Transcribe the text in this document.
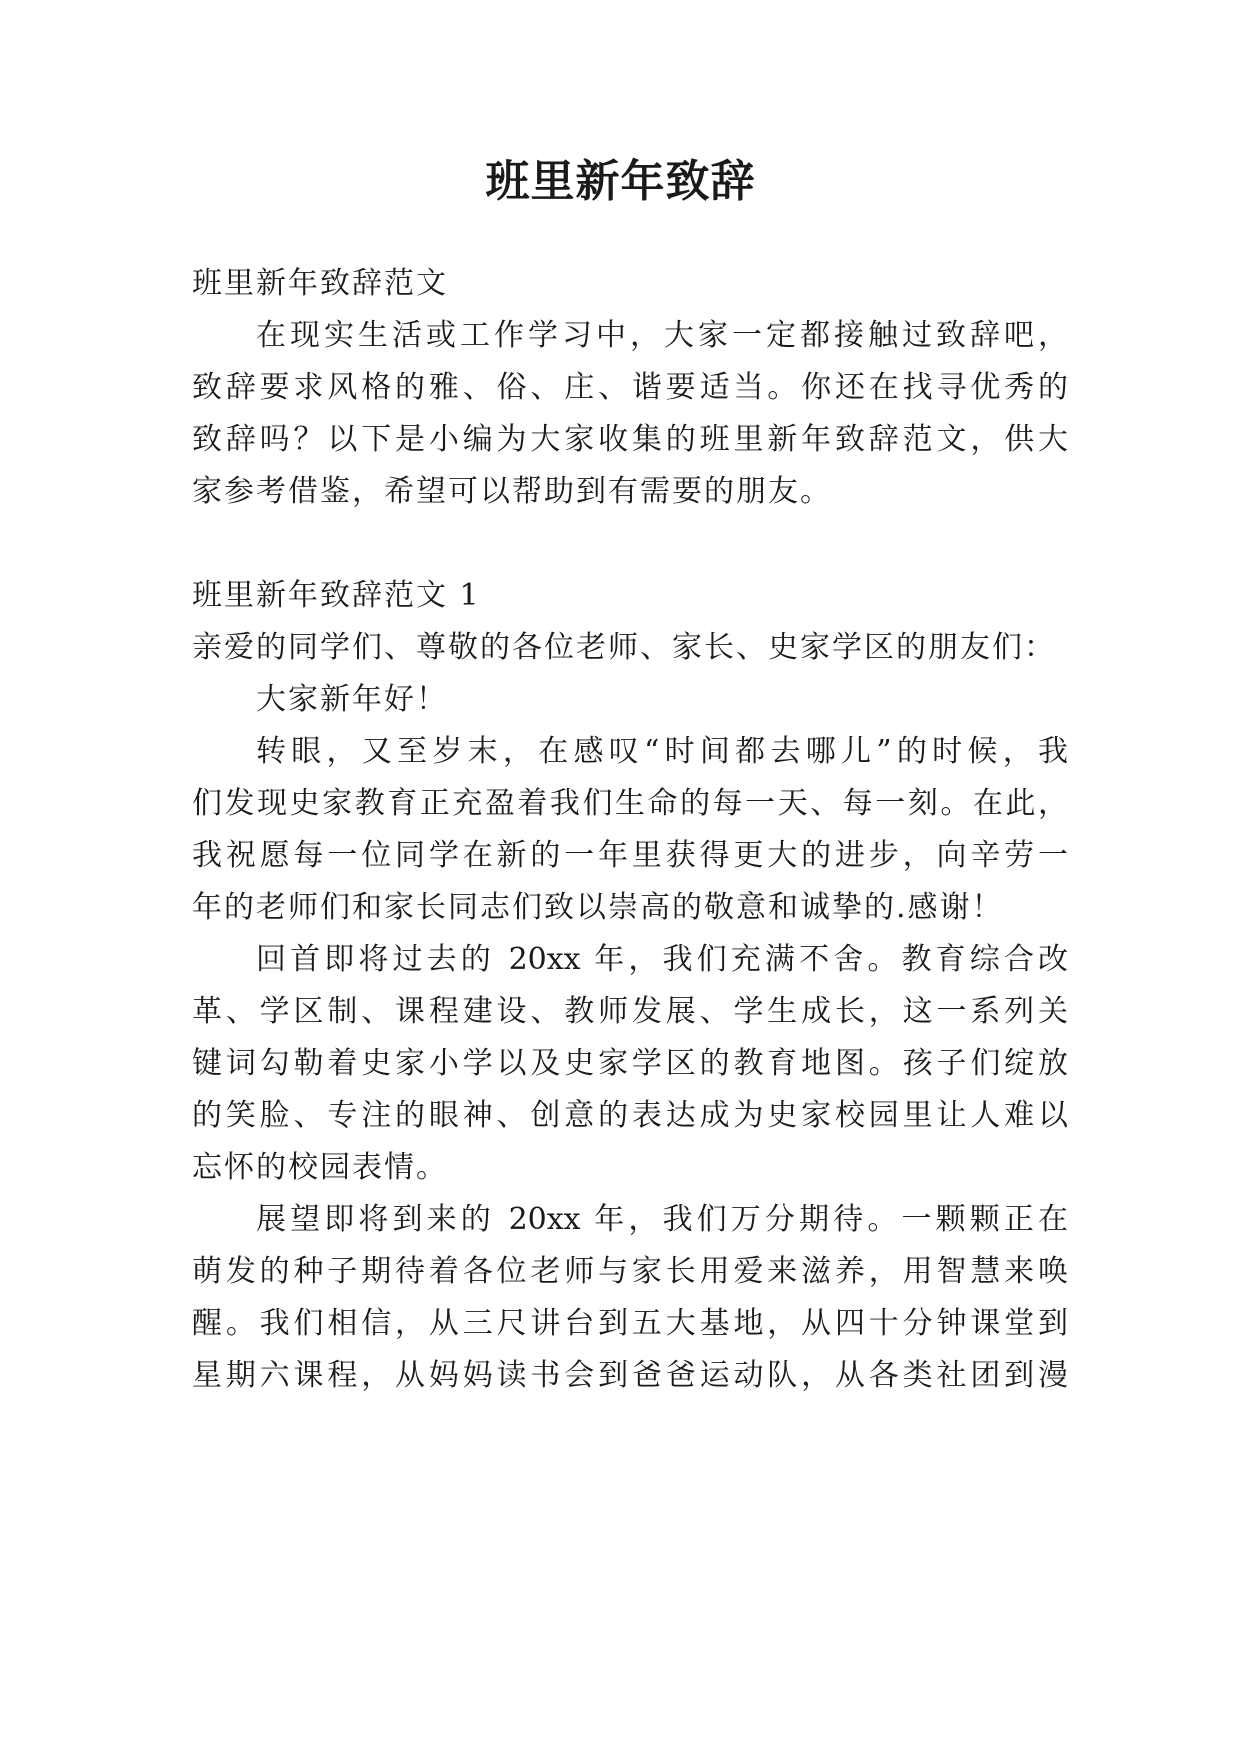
班里新年致辞

班里新年致辞范文

在现实生活或工作学习中，大家一定都接触过致辞吧，

致辞要求风格的雅、俗、庄、谐要适当。你还在找寻优秀的

致辞吗？以下是小编为大家收集的班里新年致辞范文，供大

家参考借鉴，希望可以帮助到有需要的朋友。

班里新年致辞范文 1

亲爱的同学们、尊敬的各位老师、家长、史家学区的朋友们：

大家新年好！

转眼，又至岁末，在感叹“时间都去哪儿”的时候，我

们发现史家教育正充盈着我们生命的每一天、每一刻。在此，

我祝愿每一位同学在新的一年里获得更大的进步，向辛劳一

年的老师们和家长同志们致以崇高的敬意和诚挚的.感谢！

回首即将过去的 20xx 年，我们充满不舍。教育综合改

革、学区制、课程建设、教师发展、学生成长，这一系列关

键词勾勒着史家小学以及史家学区的教育地图。孩子们绽放

的笑脸、专注的眼神、创意的表达成为史家校园里让人难以

忘怀的校园表情。

展望即将到来的 20xx 年，我们万分期待。一颗颗正在

萌发的种子期待着各位老师与家长用爱来滋养，用智慧来唤

醒。我们相信，从三尺讲台到五大基地，从四十分钟课堂到

星期六课程，从妈妈读书会到爸爸运动队，从各类社团到漫
